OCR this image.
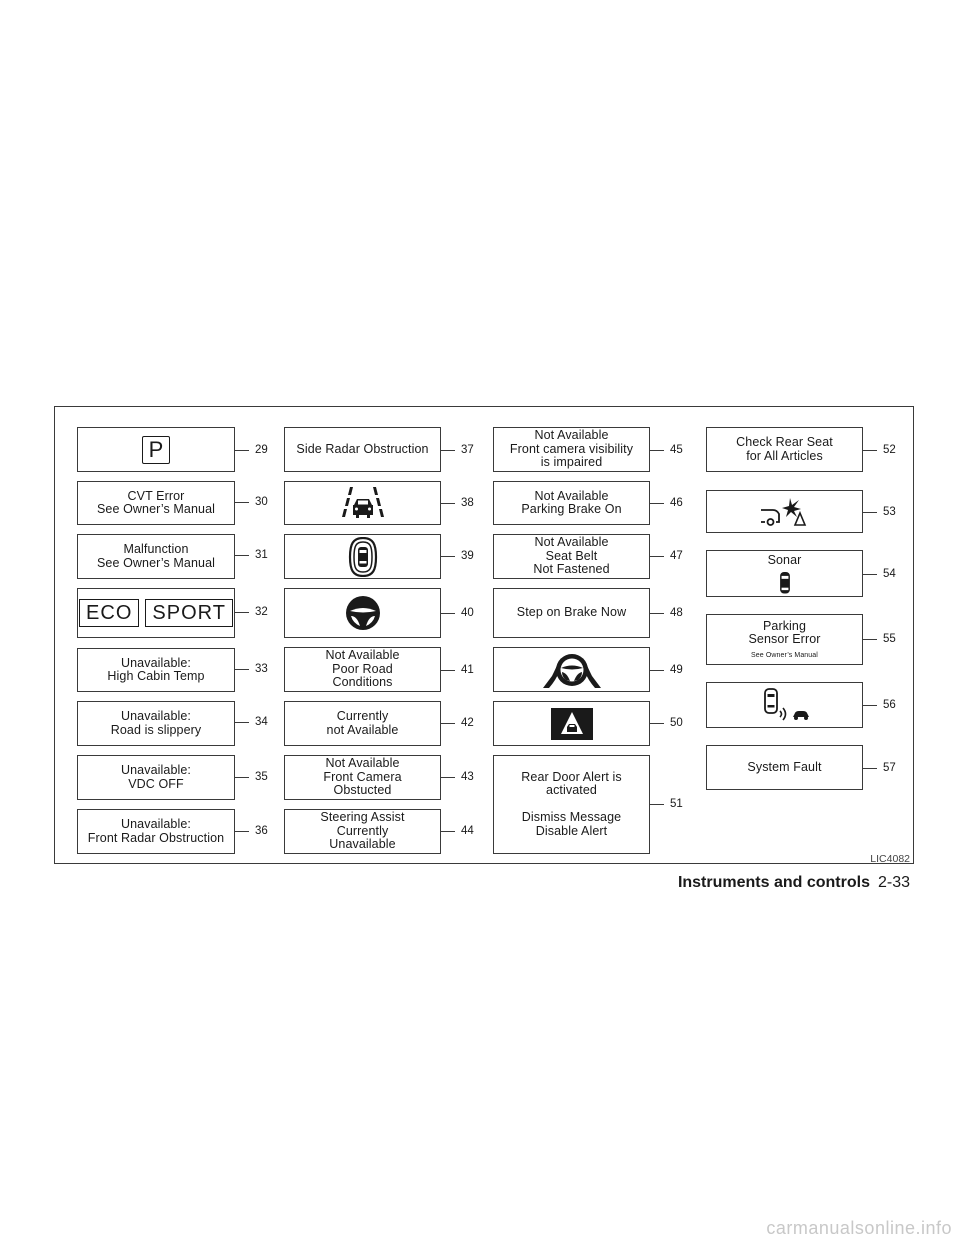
P	29
CVT Error
See Owner’s Manual	30
Malfunction
See Owner’s Manual
31
ECO	SPORT	32
Unavailable:
High Cabin Temp	33
Unavailable:
Road is slippery
34
Unavailable:
VDC OFF	35
Unavailable:
Front Radar Obstruction	36
Side Radar Obstruction	37
38
39
40
Not Available
Poor Road
Conditions
41
Currently
not Available	42
Not Available
Front Camera
Obstucted
43
Steering Assist
Currently
Unavailable
44
Not Available
Front camera visibility
is impaired
45
Not Available
Parking Brake On	46
Not Available
Seat Belt
Not Fastened
47
Step on Brake Now	48
49
50
Rear Door Alert is
activated

Dismiss Message
Disable Alert
51
Check Rear Seat
for All Articles	52
53
Sonar
54
Parking
Sensor Error
See Owner’s Manual
55
56
System Fault	57
LIC4082
Instruments and controls 2-33
carmanualsonline.info
